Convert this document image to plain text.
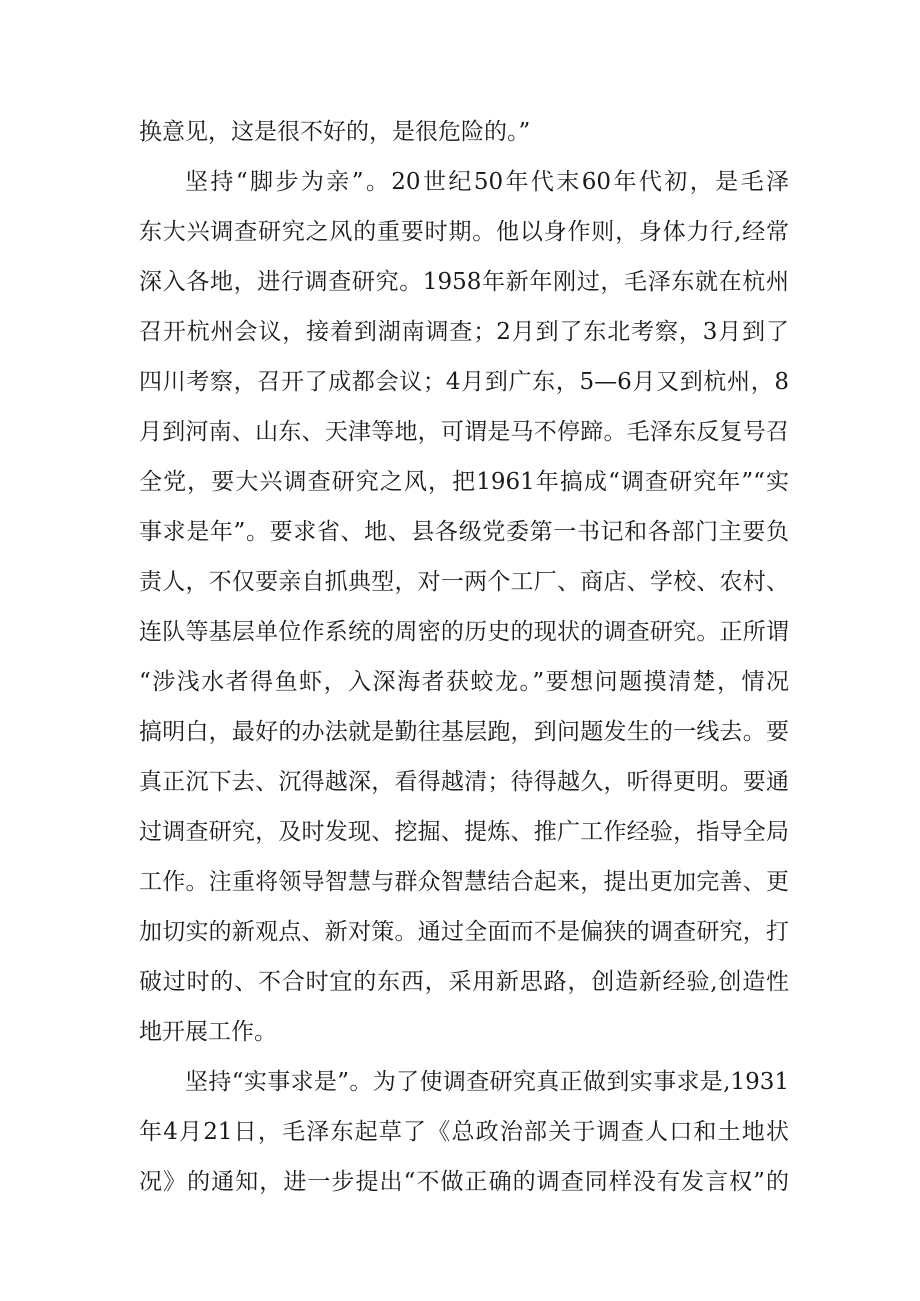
换意见，这是很不好的，是很危险的。”
坚持“脚步为亲”。20世纪50年代末60年代初，是毛泽
东大兴调查研究之风的重要时期。他以身作则，身体力行,经常
深入各地，进行调查研究。1958年新年刚过，毛泽东就在杭州
召开杭州会议，接着到湖南调查；2月到了东北考察，3月到了
四川考察，召开了成都会议；4月到广东，5—6月又到杭州，8
月到河南、山东、天津等地，可谓是马不停蹄。毛泽东反复号召
全党，要大兴调查研究之风，把1961年搞成“调查研究年”“实
事求是年”。要求省、地、县各级党委第一书记和各部门主要负
责人，不仅要亲自抓典型，对一两个工厂、商店、学校、农村、
连队等基层单位作系统的周密的历史的现状的调查研究。正所谓
“涉浅水者得鱼虾，入深海者获蛟龙。”要想问题摸清楚，情况
搞明白，最好的办法就是勤往基层跑，到问题发生的一线去。要
真正沉下去、沉得越深，看得越清；待得越久，听得更明。要通
过调查研究，及时发现、挖掘、提炼、推广工作经验，指导全局
工作。注重将领导智慧与群众智慧结合起来，提出更加完善、更
加切实的新观点、新对策。通过全面而不是偏狭的调查研究，打
破过时的、不合时宜的东西，采用新思路，创造新经验,创造性
地开展工作。
坚持“实事求是”。为了使调查研究真正做到实事求是,1931
年4月21日，毛泽东起草了《总政治部关于调查人口和土地状
况》的通知，进一步提出“不做正确的调查同样没有发言权”的
